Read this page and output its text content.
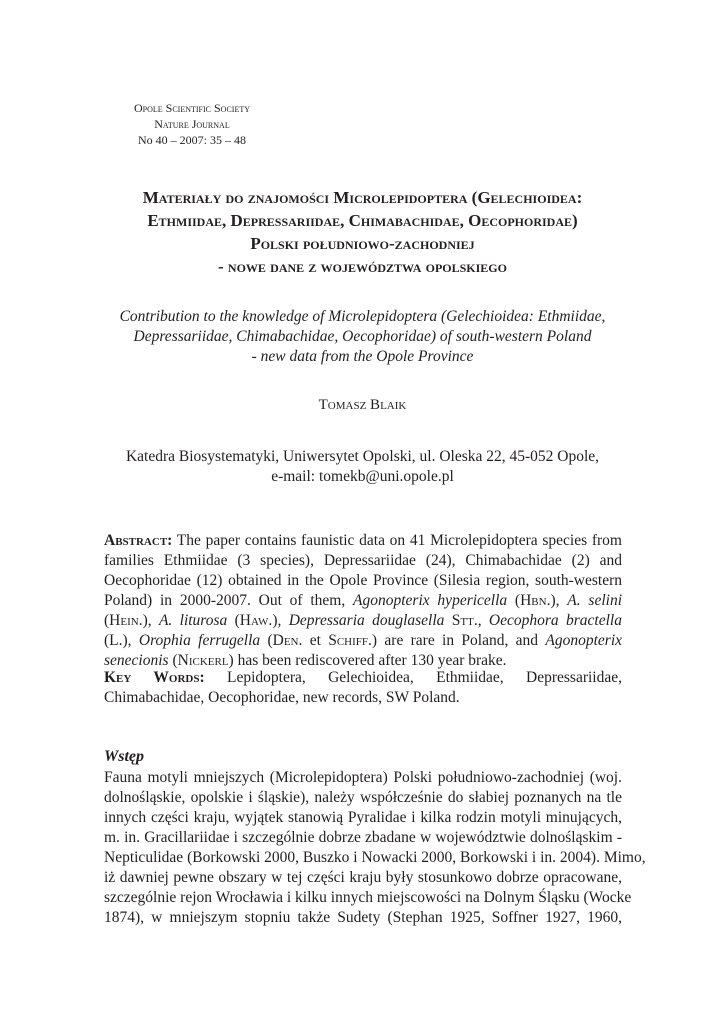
Opole Scientific Society
Nature Journal
No 40 – 2007: 35 – 48
Materiały do znajomości Microlepidoptera (Gelechioidea:
Ethmiidae, Depressariidae, Chimabachidae, Oecophoridae)
Polski południowo-zachodniej
- nowe dane z województwa opolskiego
Contribution to the knowledge of Microlepidoptera (Gelechioidea: Ethmiidae,
Depressariidae, Chimabachidae, Oecophoridae) of south-western Poland
- new data from the Opole Province
Tomasz Blaik
Katedra Biosystematyki, Uniwersytet Opolski, ul. Oleska 22, 45-052 Opole,
e-mail: tomekb@uni.opole.pl
Abstract: The paper contains faunistic data on 41 Microlepidoptera species from families Ethmiidae (3 species), Depressariidae (24), Chimabachidae (2) and Oecophoridae (12) obtained in the Opole Province (Silesia region, south-western Poland) in 2000-2007. Out of them, Agonopterix hypericella (Hbn.), A. selini (Hein.), A. liturosa (Haw.), Depressaria douglasella Stt., Oecophora bractella (L.), Orophia ferrugella (Den. et Schiff.) are rare in Poland, and Agonopterix senecionis (Nickerl) has been rediscovered after 130 year brake.
Key Words: Lepidoptera, Gelechioidea, Ethmiidae, Depressariidae, Chimabachidae, Oecophoridae, new records, SW Poland.
Wstęp
Fauna motyli mniejszych (Microlepidoptera) Polski południowo-zachodniej (woj.
dolnośląskie, opolskie i śląskie), należy współcześnie do słabiej poznanych na tle
innych części kraju, wyjątek stanowią Pyralidae i kilka rodzin motyli minujących,
m. in. Gracillariidae i szczególnie dobrze zbadane w województwie dolnośląskim -
Nepticulidae (Borkowski 2000, Buszko i Nowacki 2000, Borkowski i in. 2004). Mimo,
iż dawniej pewne obszary w tej części kraju były stosunkowo dobrze opracowane,
szczególnie rejon Wrocławia i kilku innych miejscowości na Dolnym Śląsku (Wocke
1874), w mniejszym stopniu także Sudety (Stephan 1925, Soffner 1927, 1960,
